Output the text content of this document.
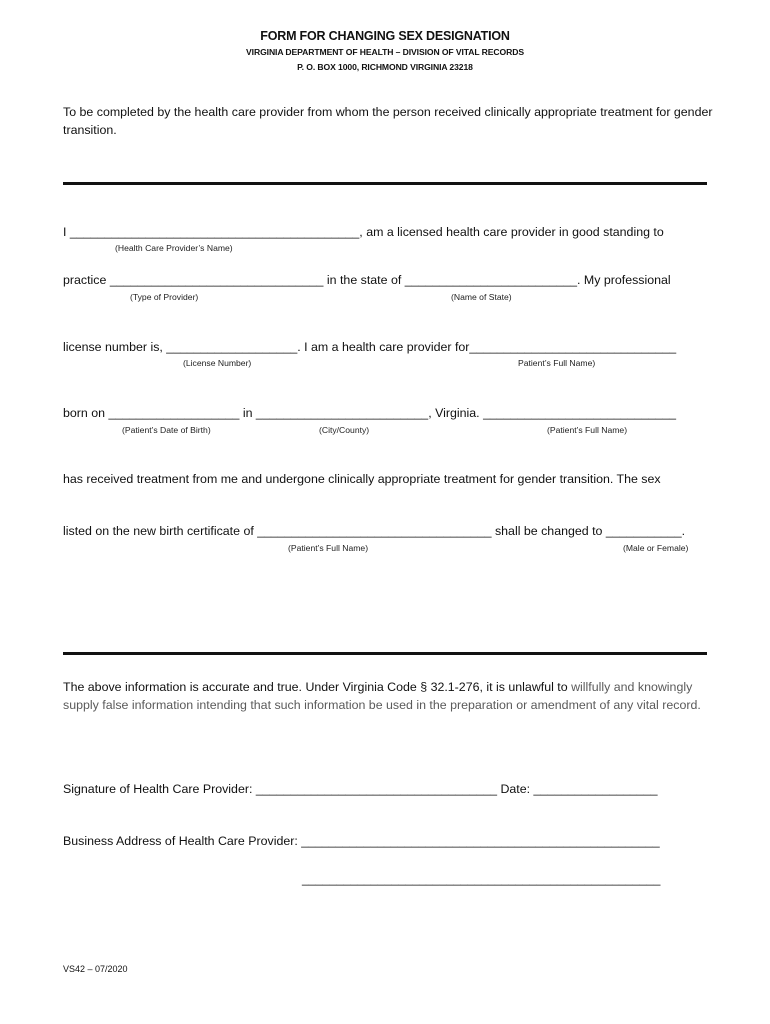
FORM FOR CHANGING SEX DESIGNATION
VIRGINIA DEPARTMENT OF HEALTH – DIVISION OF VITAL RECORDS
P. O. BOX 1000, RICHMOND VIRGINIA 23218
To be completed by the health care provider from whom the person received clinically appropriate treatment for gender transition.
I __________________________________________, am a licensed health care provider in good standing to
(Health Care Provider’s Name)
practice _______________________________ in the state of _________________________. My professional
(Type of Provider)	(Name of State)
license number is, ___________________. I am a health care provider for______________________________
(License Number)	Patient’s Full Name)
born on ___________________ in _________________________, Virginia. ____________________________
(Patient’s Date of Birth)	(City/County)	(Patient’s Full Name)
has received treatment from me and undergone clinically appropriate treatment for gender transition. The sex
listed on the new birth certificate of __________________________________ shall be changed to ___________.
(Patient’s Full Name)	(Male or Female)
The above information is accurate and true. Under Virginia Code § 32.1-276, it is unlawful to willfully and knowingly supply false information intending that such information be used in the preparation or amendment of any vital record.
Signature of Health Care Provider: ___________________________________ Date: __________________
Business Address of Health Care Provider: ____________________________________________________
____________________________________________________
VS42 – 07/2020
